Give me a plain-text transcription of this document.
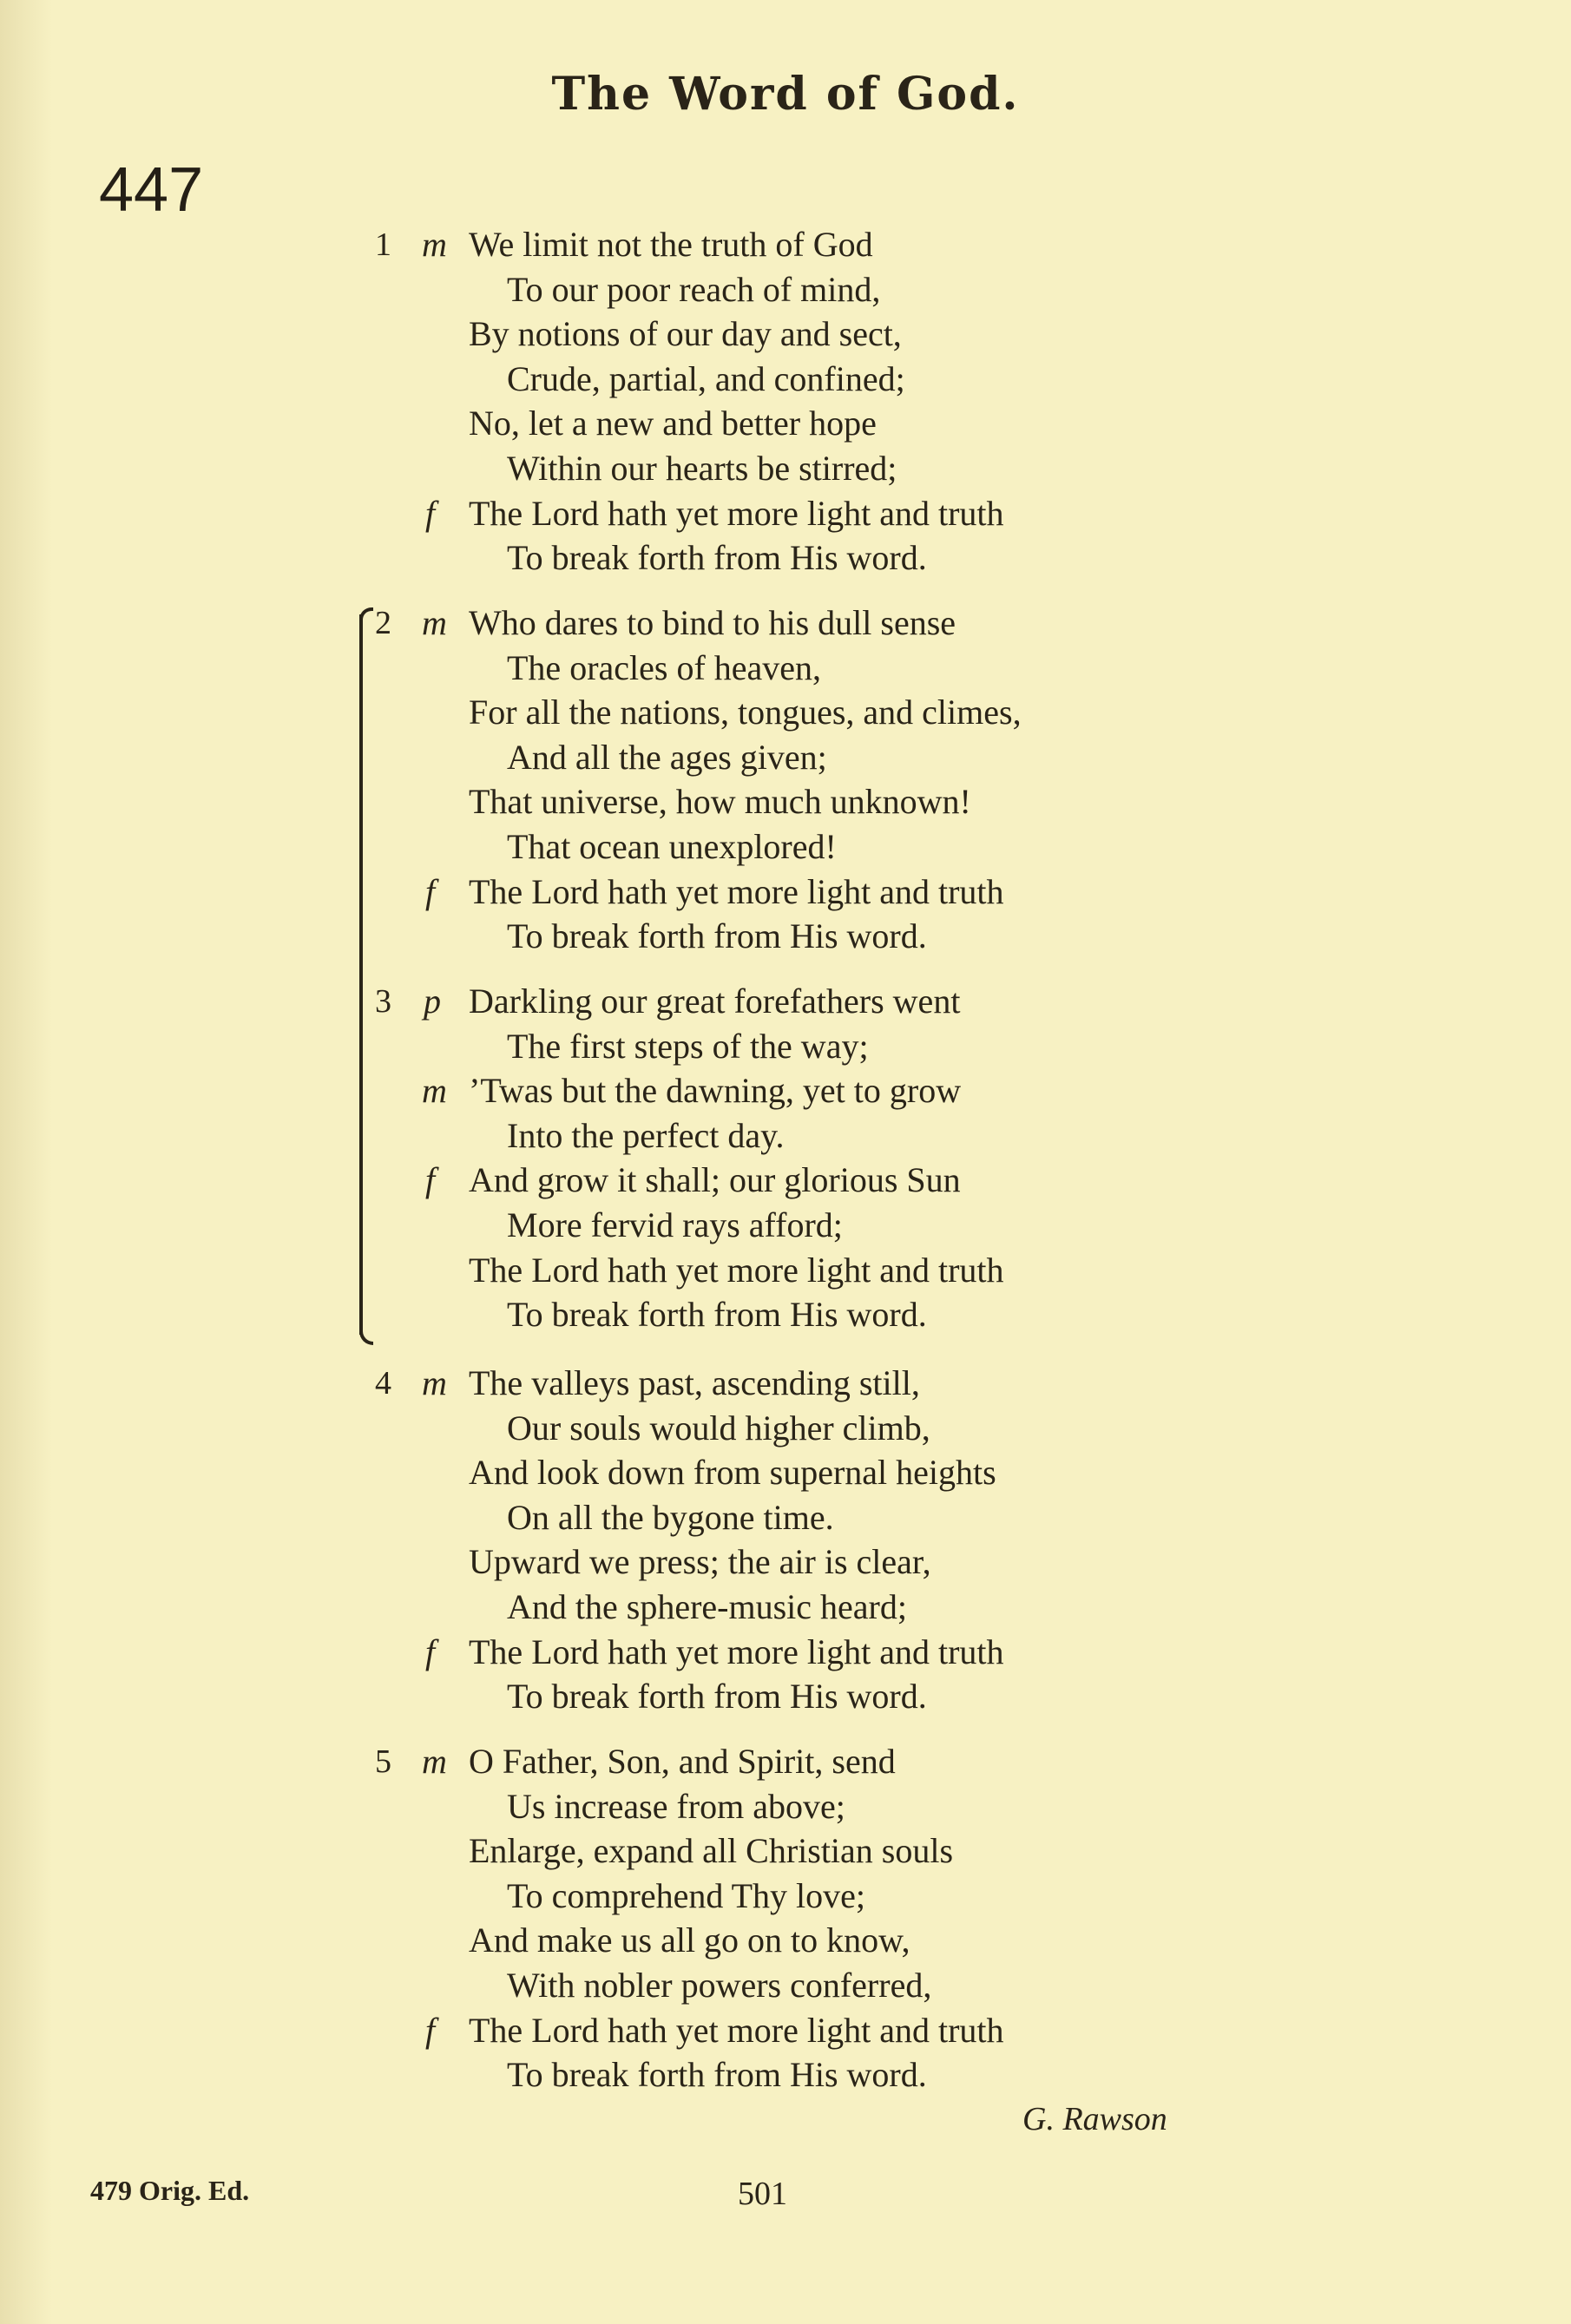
The Word of God.
447
1 m We limit not the truth of God
To our poor reach of mind,
By notions of our day and sect,
Crude, partial, and confined;
No, let a new and better hope
Within our hearts be stirred;
f The Lord hath yet more light and truth
To break forth from His word.
2 m Who dares to bind to his dull sense
The oracles of heaven,
For all the nations, tongues, and climes,
And all the ages given;
That universe, how much unknown!
That ocean unexplored!
f The Lord hath yet more light and truth
To break forth from His word.
3 p Darkling our great forefathers went
The first steps of the way;
m ’Twas but the dawning, yet to grow
Into the perfect day.
f And grow it shall; our glorious Sun
More fervid rays afford;
The Lord hath yet more light and truth
To break forth from His word.
4 m The valleys past, ascending still,
Our souls would higher climb,
And look down from supernal heights
On all the bygone time.
Upward we press; the air is clear,
And the sphere-music heard;
f The Lord hath yet more light and truth
To break forth from His word.
5 m O Father, Son, and Spirit, send
Us increase from above;
Enlarge, expand all Christian souls
To comprehend Thy love;
And make us all go on to know,
With nobler powers conferred,
f The Lord hath yet more light and truth
To break forth from His word.
G. Rawson
479 Orig. Ed.	501
